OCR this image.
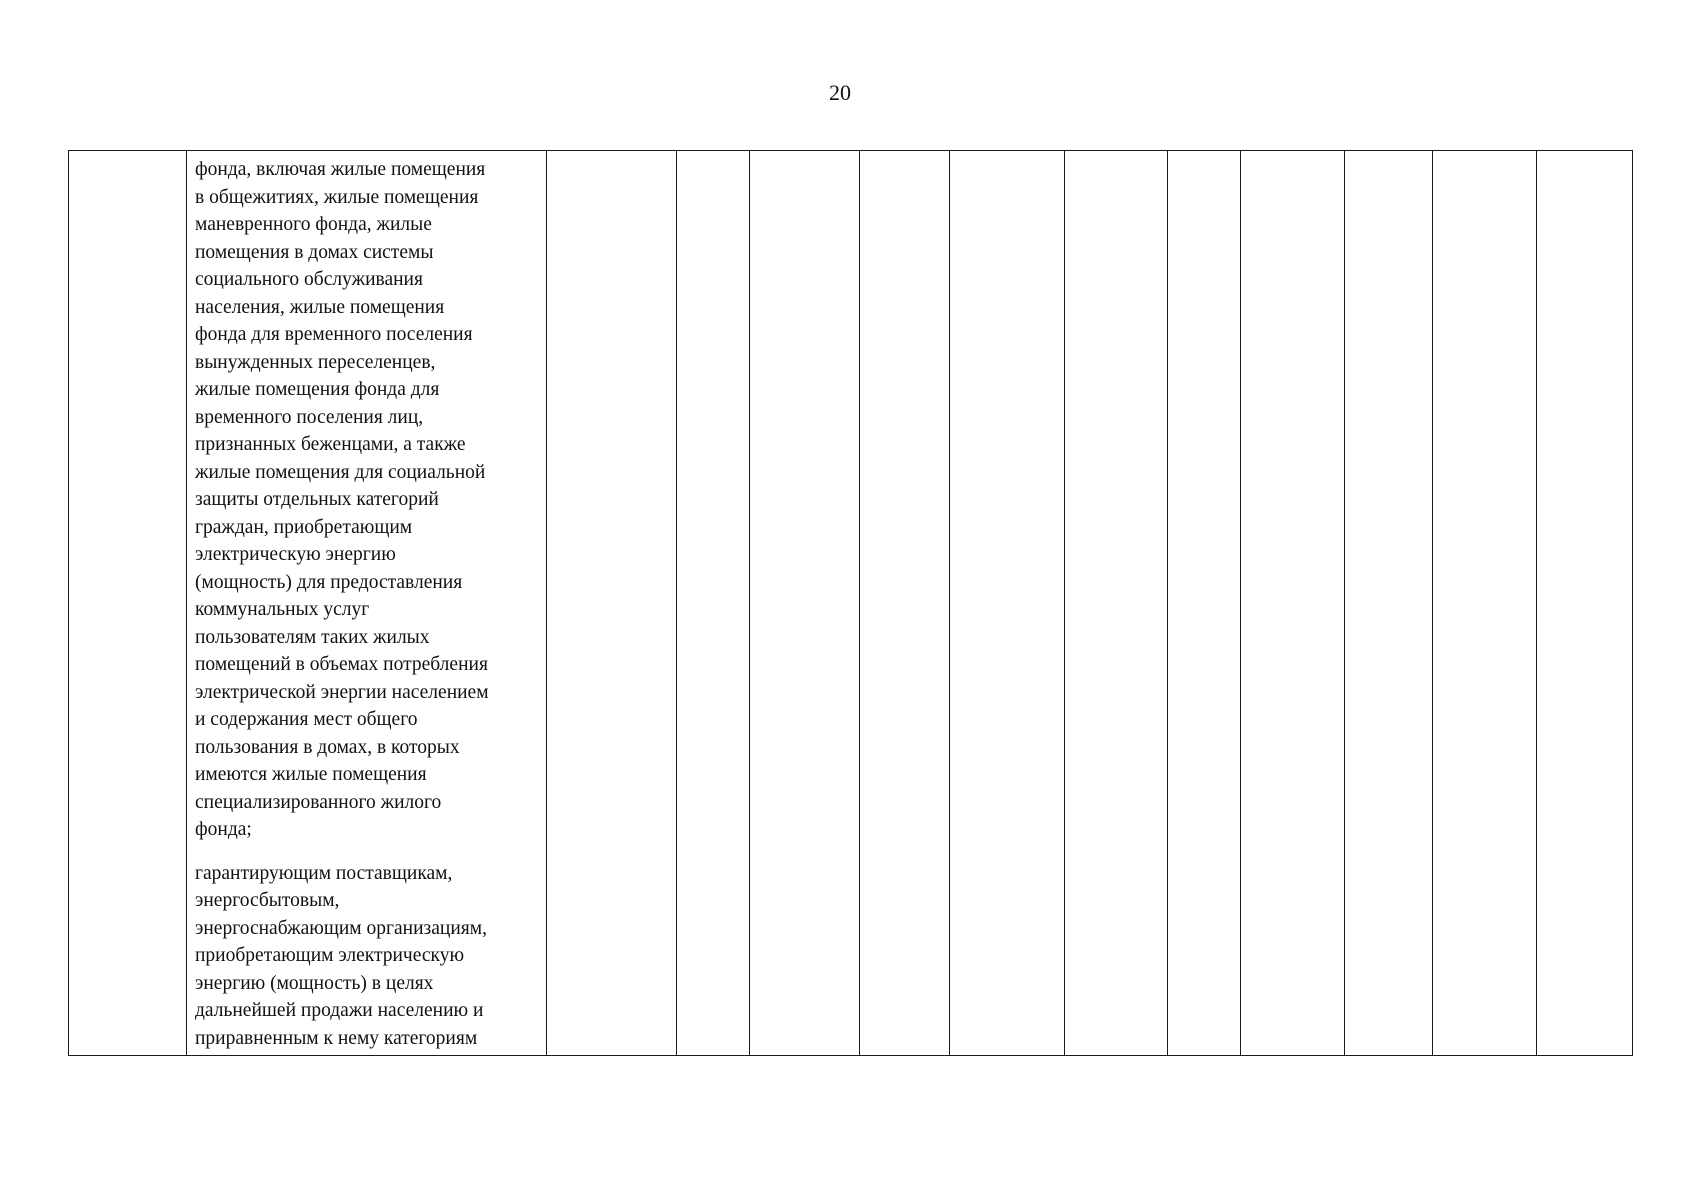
20

фонда, включая жилые помещения
в общежитиях, жилые помещения
маневренного фонда, жилые
помещения в домах системы
социального обслуживания
населения, жилые помещения
фонда для временного поселения
вынужденных переселенцев,
жилые помещения фонда для
временного поселения лиц,
признанных беженцами, а также
жилые помещения для социальной
защиты отдельных категорий
граждан, приобретающим
электрическую энергию
(мощность) для предоставления
коммунальных услуг
пользователям таких жилых
помещений в объемах потребления
электрической энергии населением
и содержания мест общего
пользования в домах, в которых
имеются жилые помещения
специализированного жилого
фонда;

гарантирующим поставщикам,
энергосбытовым,
энергоснабжающим организациям,
приобретающим электрическую
энергию (мощность) в целях
дальнейшей продажи населению и
приравненным к нему категориям
